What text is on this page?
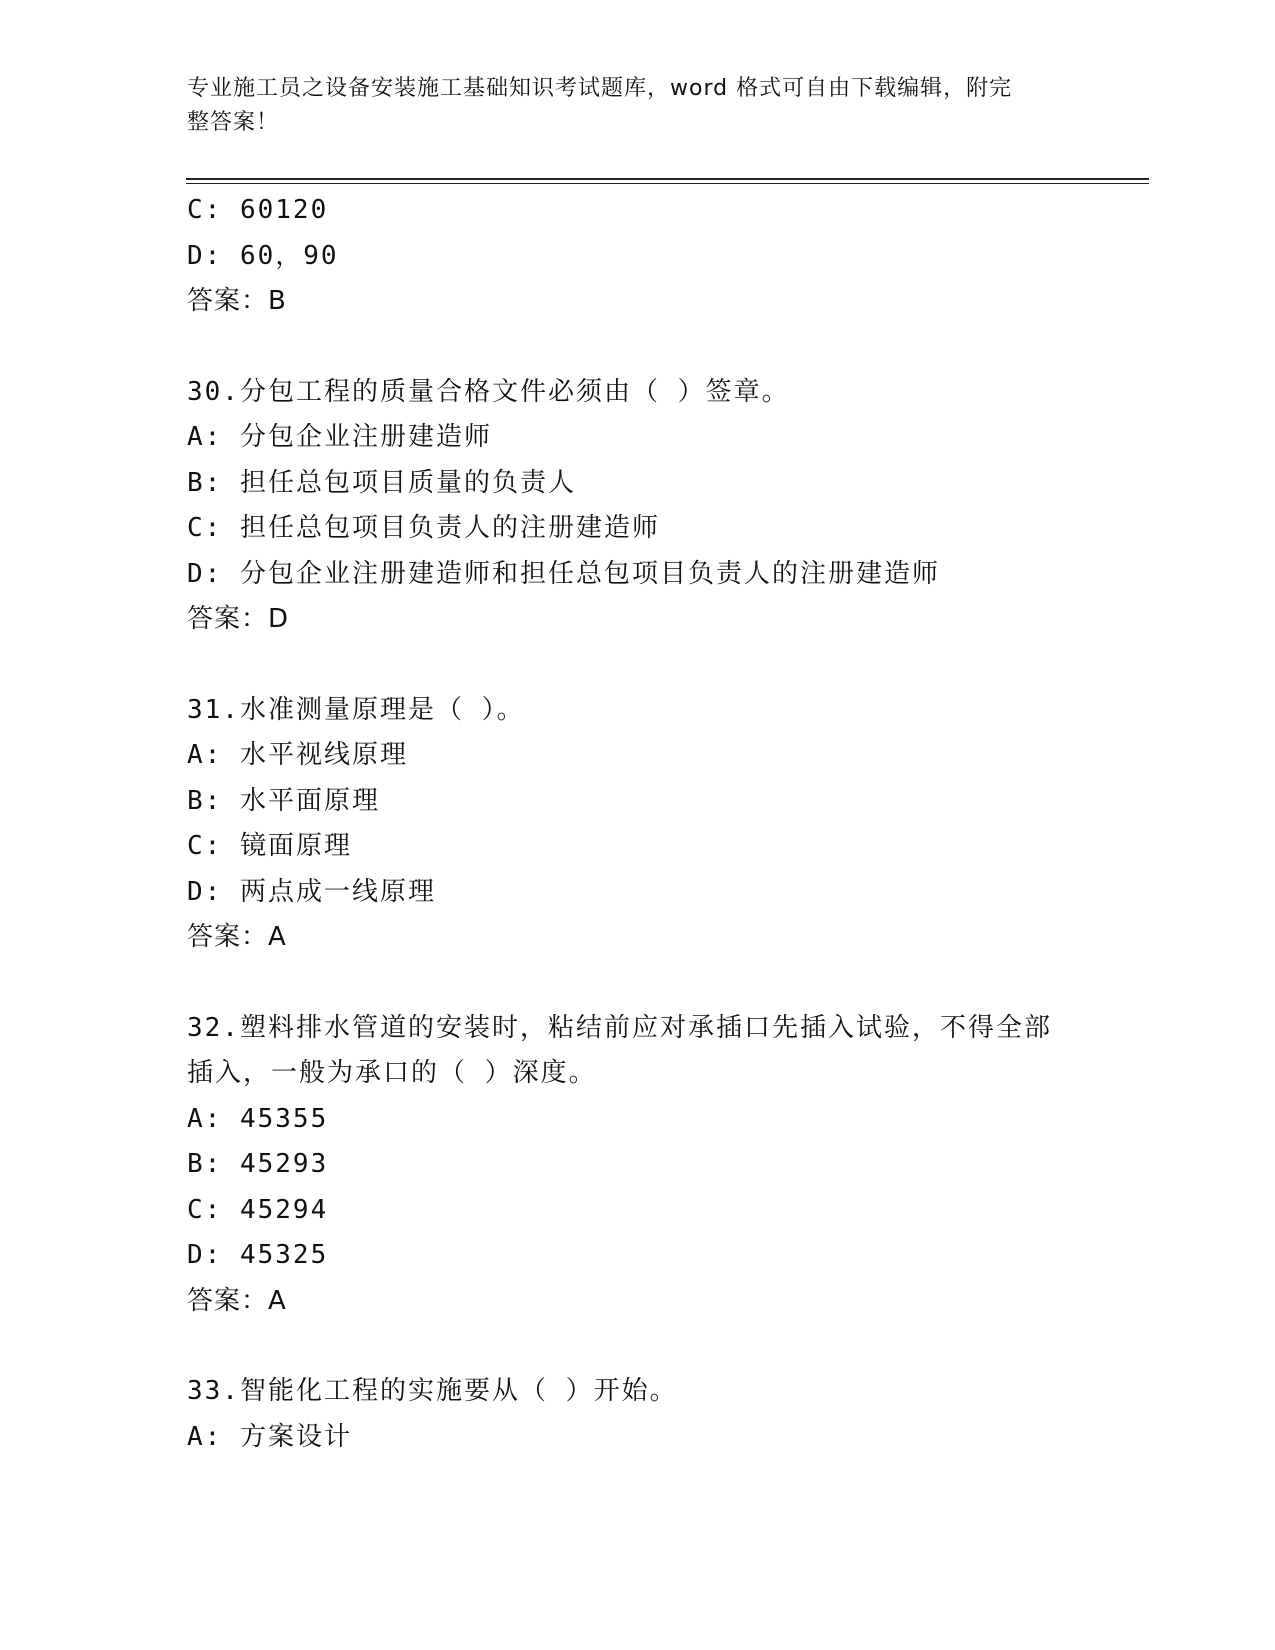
专业施工员之设备安装施工基础知识考试题库，word 格式可自由下载编辑，附完
整答案！
C: 60120
D: 60，90
答案：B
30.分包工程的质量合格文件必须由（ ）签章。
A: 分包企业注册建造师
B: 担任总包项目质量的负责人
C: 担任总包项目负责人的注册建造师
D: 分包企业注册建造师和担任总包项目负责人的注册建造师
答案：D
31.水准测量原理是（ ）。
A: 水平视线原理
B: 水平面原理
C: 镜面原理
D: 两点成一线原理
答案：A
32.塑料排水管道的安装时，粘结前应对承插口先插入试验，不得全部
插入，一般为承口的（ ）深度。
A: 45355
B: 45293
C: 45294
D: 45325
答案：A
33.智能化工程的实施要从（ ）开始。
A: 方案设计
